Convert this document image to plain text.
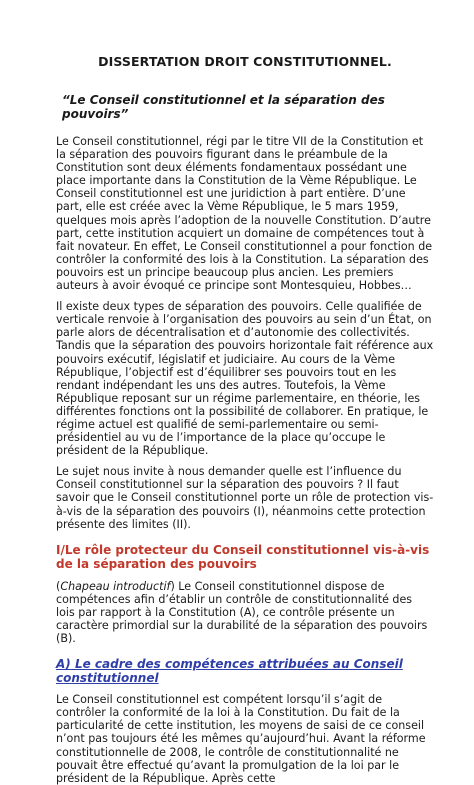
DISSERTATION DROIT CONSTITUTIONNEL.
“Le Conseil constitutionnel et la séparation des pouvoirs”

Le Conseil constitutionnel, régi par le titre VII de la Constitution et la séparation des pouvoirs figurant dans le préambule de la Constitution sont deux éléments fondamentaux possédant une place importante dans la Constitution de la Vème République. Le Conseil constitutionnel est une juridiction à part entière. D’une part, elle est créée avec la Vème République, le 5 mars 1959, quelques mois après l’adoption de la nouvelle Constitution. D’autre part, cette institution acquiert un domaine de compétences tout à fait novateur. En effet, Le Conseil constitutionnel a pour fonction de contrôler la conformité des lois à la Constitution. La séparation des pouvoirs est un principe beaucoup plus ancien. Les premiers auteurs à avoir évoqué ce principe sont Montesquieu, Hobbes…

Il existe deux types de séparation des pouvoirs. Celle qualifiée de verticale renvoie à l’organisation des pouvoirs au sein d’un État, on parle alors de décentralisation et d’autonomie des collectivités. Tandis que la séparation des pouvoirs horizontale fait référence aux pouvoirs exécutif, législatif et judiciaire. Au cours de la Vème République, l’objectif est d’équilibrer ses pouvoirs tout en les rendant indépendant les uns des autres. Toutefois, la Vème République reposant sur un régime parlementaire, en théorie, les différentes fonctions ont la possibilité de collaborer. En pratique, le régime actuel est qualifié de semi-parlementaire ou semi-présidentiel au vu de l’importance de la place qu’occupe le président de la République.

Le sujet nous invite à nous demander quelle est l’influence du Conseil constitutionnel sur la séparation des pouvoirs ? Il faut savoir que le Conseil constitutionnel porte un rôle de protection vis-à-vis de la séparation des pouvoirs (I), néanmoins cette protection présente des limites (II).

I/Le rôle protecteur du Conseil constitutionnel vis-à-vis de la séparation des pouvoirs

(Chapeau introductif) Le Conseil constitutionnel dispose de compétences afin d’établir un contrôle de constitutionnalité des lois par rapport à la Constitution (A), ce contrôle présente un caractère primordial sur la durabilité de la séparation des pouvoirs (B).

A) Le cadre des compétences attribuées au Conseil constitutionnel

Le Conseil constitutionnel est compétent lorsqu’il s’agit de contrôler la conformité de la loi à la Constitution. Du fait de la particularité de cette institution, les moyens de saisi de ce conseil n’ont pas toujours été les mêmes qu’aujourd’hui. Avant la réforme constitutionnelle de 2008, le contrôle de constitutionnalité ne pouvait être effectué qu’avant la promulgation de la loi par le président de la République. Après cette
